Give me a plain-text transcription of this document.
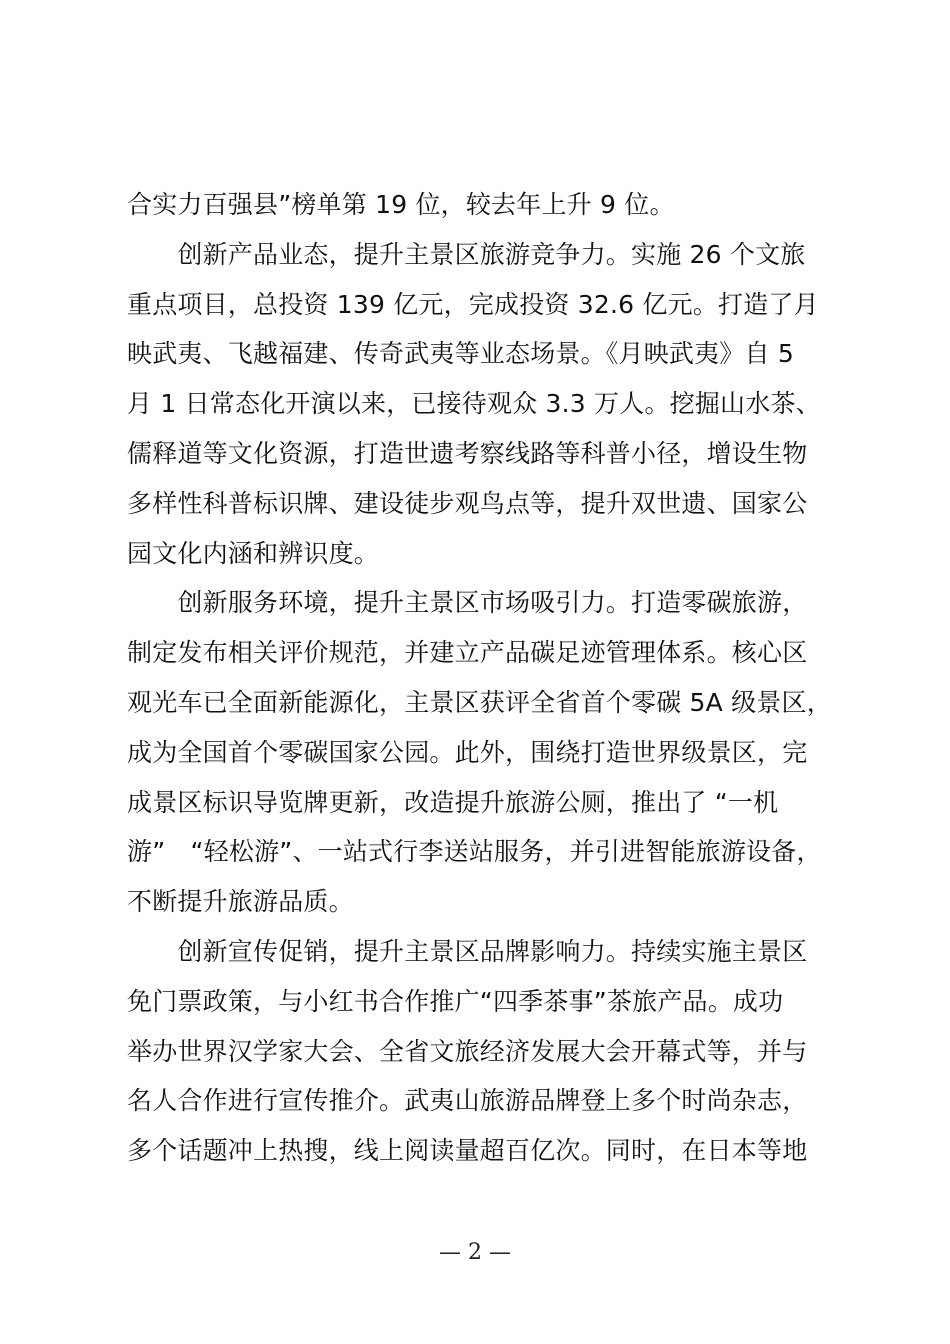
合实力百强县”榜单第 19 位，较去年上升 9 位。
　　创新产品业态，提升主景区旅游竞争力。实施 26 个文旅
重点项目，总投资 139 亿元，完成投资 32.6 亿元。打造了月
映武夷、飞越福建、传奇武夷等业态场景。《月映武夷》自 5
月 1 日常态化开演以来，已接待观众 3.3 万人。挖掘山水茶、
儒释道等文化资源，打造世遗考察线路等科普小径，增设生物
多样性科普标识牌、建设徒步观鸟点等，提升双世遗、国家公
园文化内涵和辨识度。
　　创新服务环境，提升主景区市场吸引力。打造零碳旅游，
制定发布相关评价规范，并建立产品碳足迹管理体系。核心区
观光车已全面新能源化，主景区获评全省首个零碳 5A 级景区，
成为全国首个零碳国家公园。此外，围绕打造世界级景区，完
成景区标识导览牌更新，改造提升旅游公厕，推出了 “一机
游”　“轻松游”、一站式行李送站服务，并引进智能旅游设备，
不断提升旅游品质。
　　创新宣传促销，提升主景区品牌影响力。持续实施主景区
免门票政策，与小红书合作推广“四季茶事”茶旅产品。成功
举办世界汉学家大会、全省文旅经济发展大会开幕式等，并与
名人合作进行宣传推介。武夷山旅游品牌登上多个时尚杂志，
多个话题冲上热搜，线上阅读量超百亿次。同时，在日本等地
— 2 —
